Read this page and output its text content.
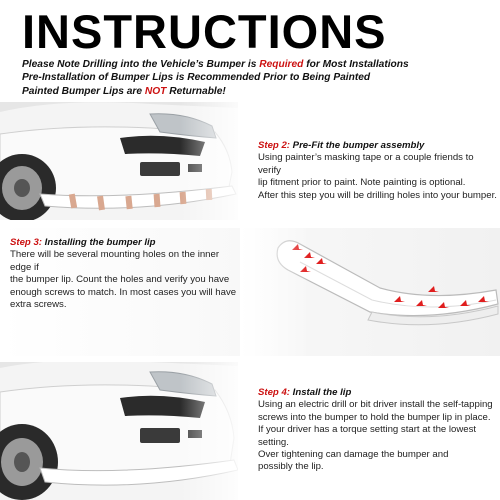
INSTRUCTIONS
Please Note Drilling into the Vehicle’s Bumper is Required for Most Installations
Pre-Installation of Bumper Lips is Recommended Prior to Being Painted
Painted Bumper Lips are NOT Returnable!
Step 2: Pre-Fit the bumper assembly
Using painter’s masking tape or a couple friends to verify
lip fitment prior to paint. Note painting is optional.
After this step you will be drilling holes into your bumper.
Step 3: Installing the bumper lip
There will be several mounting holes on the inner edge if
the bumper lip. Count the holes and verify you have
enough screws to match. In most cases you will have
extra screws.
Step 4: Install the lip
Using an electric drill or bit driver install the self-tapping
screws into the bumper to hold the bumper lip in place.
If your driver has a torque setting start at the lowest setting.
Over tightening can damage the bumper and
possibly the lip.
